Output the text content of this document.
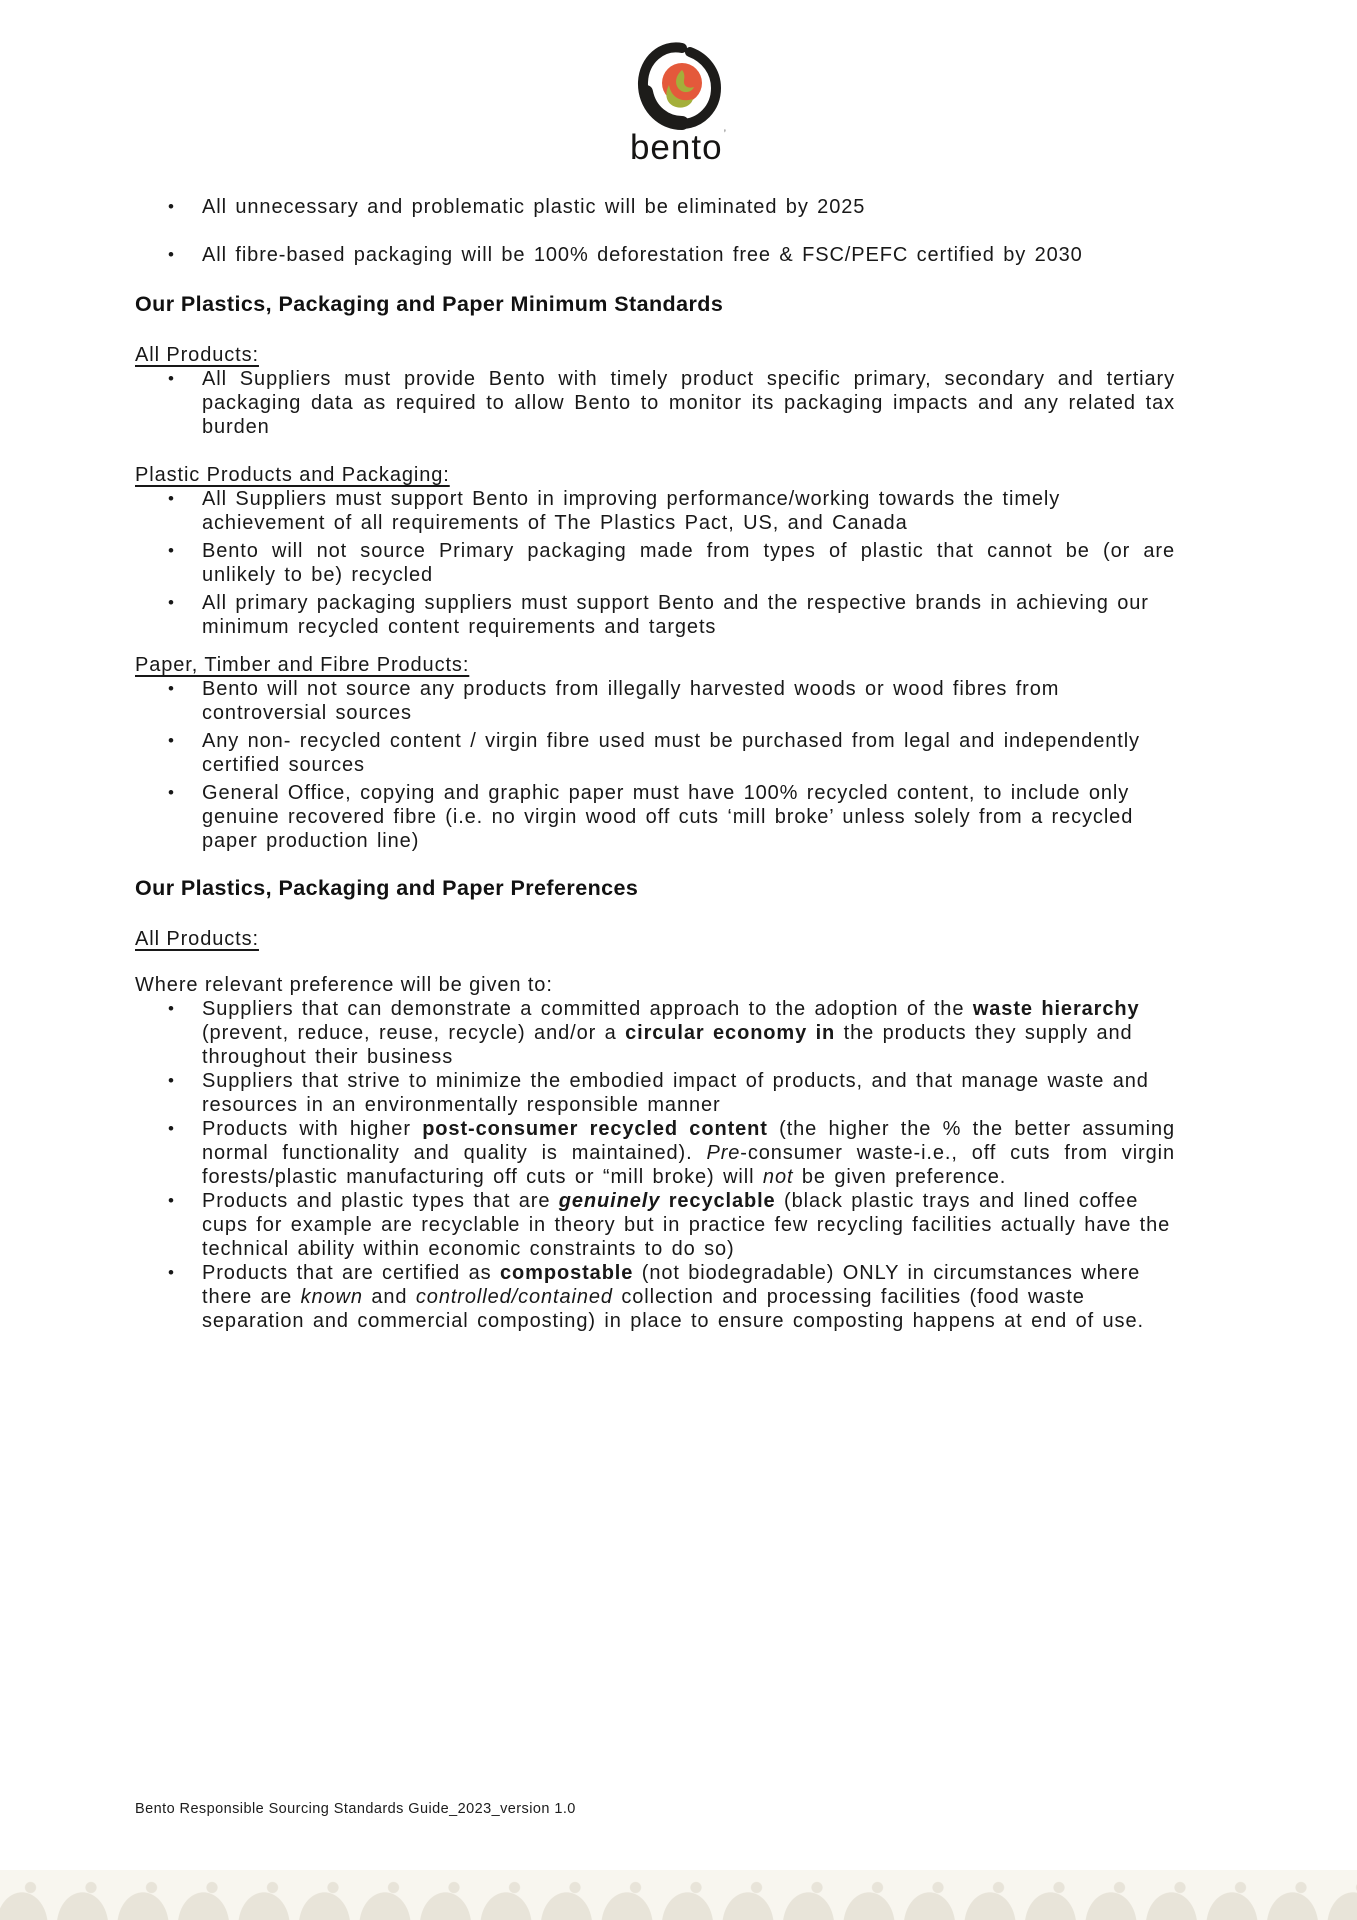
bento’
•	All unnecessary and problematic plastic will be eliminated by 2025
•	All fibre-based packaging will be 100% deforestation free & FSC/PEFC certified by 2030
Our Plastics, Packaging and Paper Minimum Standards
All Products:
•	All Suppliers must provide Bento with timely product specific primary, secondary and tertiary packaging data as required to allow Bento to monitor its packaging impacts and any related tax burden
Plastic Products and Packaging:
•	All Suppliers must support Bento in improving performance/working towards the timely achievement of all requirements of The Plastics Pact, US, and Canada
•	Bento will not source Primary packaging made from types of plastic that cannot be (or are unlikely to be) recycled
•	All primary packaging suppliers must support Bento and the respective brands in achieving our minimum recycled content requirements and targets
Paper, Timber and Fibre Products:
•	Bento will not source any products from illegally harvested woods or wood fibres from controversial sources
•	Any non- recycled content / virgin fibre used must be purchased from legal and independently certified sources
•	General Office, copying and graphic paper must have 100% recycled content, to include only genuine recovered fibre (i.e. no virgin wood off cuts ‘mill broke’ unless solely from a recycled paper production line)
Our Plastics, Packaging and Paper Preferences
All Products:

Where relevant preference will be given to:

•	Suppliers that can demonstrate a committed approach to the adoption of the waste hierarchy (prevent, reduce, reuse, recycle) and/or a circular economy in the products they supply and throughout their business
•	Suppliers that strive to minimize the embodied impact of products, and that manage waste and resources in an environmentally responsible manner
•	Products with higher post-consumer recycled content (the higher the % the better assuming normal functionality and quality is maintained). Pre-consumer waste-i.e., off cuts from virgin forests/plastic manufacturing off cuts or “mill broke) will not be given preference.
•	Products and plastic types that are genuinely recyclable (black plastic trays and lined coffee cups for example are recyclable in theory but in practice few recycling facilities actually have the technical ability within economic constraints to do so)
•	Products that are certified as compostable (not biodegradable) ONLY in circumstances where there are known and controlled/contained collection and processing facilities (food waste separation and commercial composting) in place to ensure composting happens at end of use.
Bento Responsible Sourcing Standards Guide_2023_version 1.0
